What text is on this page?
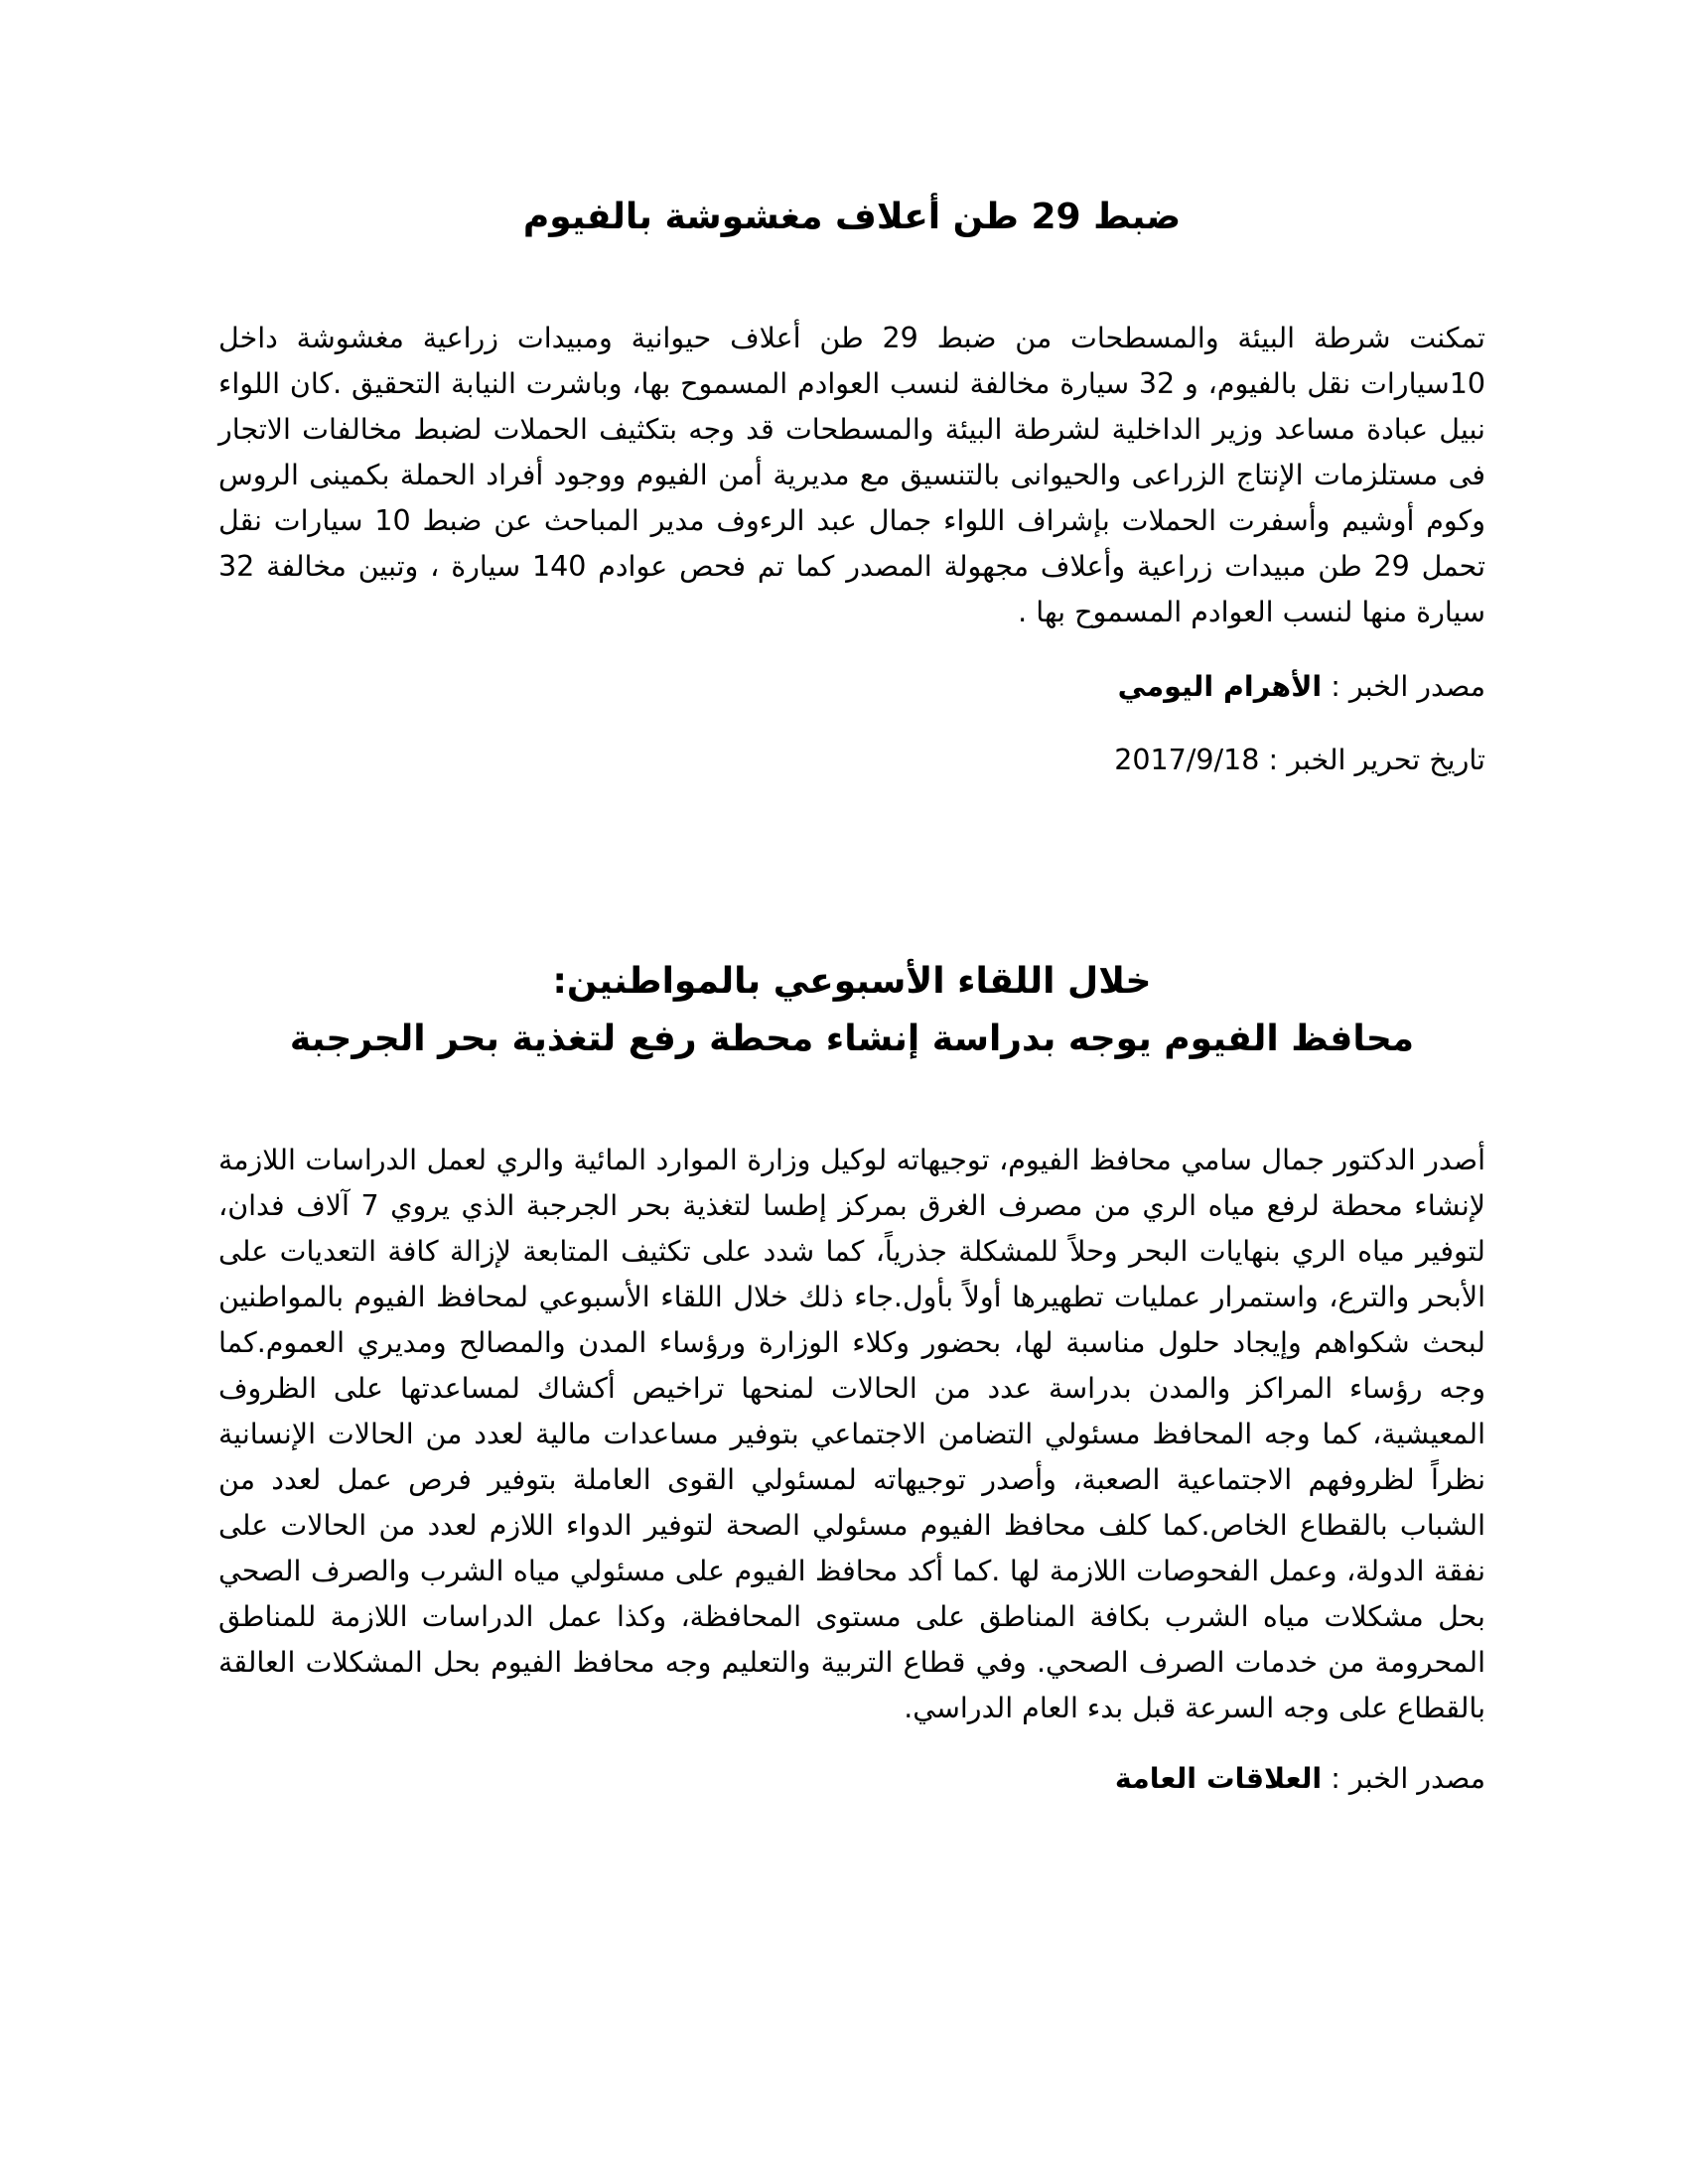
ضبط 29 طن أعلاف مغشوشة بالفيوم

تمكنت شرطة البيئة والمسطحات من ضبط 29 طن أعلاف حيوانية ومبيدات زراعية مغشوشة داخل 10سيارات نقل بالفيوم، و 32 سيارة مخالفة لنسب العوادم المسموح بها، وباشرت النيابة التحقيق .كان اللواء نبيل عبادة مساعد وزير الداخلية لشرطة البيئة والمسطحات قد وجه بتكثيف الحملات لضبط مخالفات الاتجار فى مستلزمات الإنتاج الزراعى والحيوانى بالتنسيق مع مديرية أمن الفيوم ووجود أفراد الحملة بكمينى الروس وكوم أوشيم وأسفرت الحملات بإشراف اللواء جمال عبد الرءوف مدير المباحث عن ضبط 10 سيارات نقل تحمل 29 طن مبيدات زراعية وأعلاف مجهولة المصدر كما تم فحص عوادم 140 سيارة ، وتبين مخالفة 32 سيارة منها لنسب العوادم المسموح بها .

مصدر الخبر : الأهرام اليومي

تاريخ تحرير الخبر : 2017/9/18

خلال اللقاء الأسبوعي بالمواطنين:
محافظ الفيوم يوجه بدراسة إنشاء محطة رفع لتغذية بحر الجرجبة

أصدر الدكتور جمال سامي محافظ الفيوم، توجيهاته لوكيل وزارة الموارد المائية والري لعمل الدراسات اللازمة لإنشاء محطة لرفع مياه الري من مصرف الغرق بمركز إطسا لتغذية بحر الجرجبة الذي يروي 7 آلاف فدان، لتوفير مياه الري بنهايات البحر وحلاً للمشكلة جذرياً، كما شدد على تكثيف المتابعة لإزالة كافة التعديات على الأبحر والترع، واستمرار عمليات تطهيرها أولاً بأول.جاء ذلك خلال اللقاء الأسبوعي لمحافظ الفيوم بالمواطنين لبحث شكواهم وإيجاد حلول مناسبة لها، بحضور وكلاء الوزارة ورؤساء المدن والمصالح ومديري العموم.كما وجه رؤساء المراكز والمدن بدراسة عدد من الحالات لمنحها تراخيص أكشاك لمساعدتها على الظروف المعيشية، كما وجه المحافظ مسئولي التضامن الاجتماعي بتوفير مساعدات مالية لعدد من الحالات الإنسانية نظراً لظروفهم الاجتماعية الصعبة، وأصدر توجيهاته لمسئولي القوى العاملة بتوفير فرص عمل لعدد من الشباب بالقطاع الخاص.كما كلف محافظ الفيوم مسئولي الصحة لتوفير الدواء اللازم لعدد من الحالات على نفقة الدولة، وعمل الفحوصات اللازمة لها .كما أكد محافظ الفيوم على مسئولي مياه الشرب والصرف الصحي بحل مشكلات مياه الشرب بكافة المناطق على مستوى المحافظة، وكذا عمل الدراسات اللازمة للمناطق المحرومة من خدمات الصرف الصحي. وفي قطاع التربية والتعليم وجه محافظ الفيوم بحل المشكلات العالقة بالقطاع على وجه السرعة قبل بدء العام الدراسي.

مصدر الخبر : العلاقات العامة
